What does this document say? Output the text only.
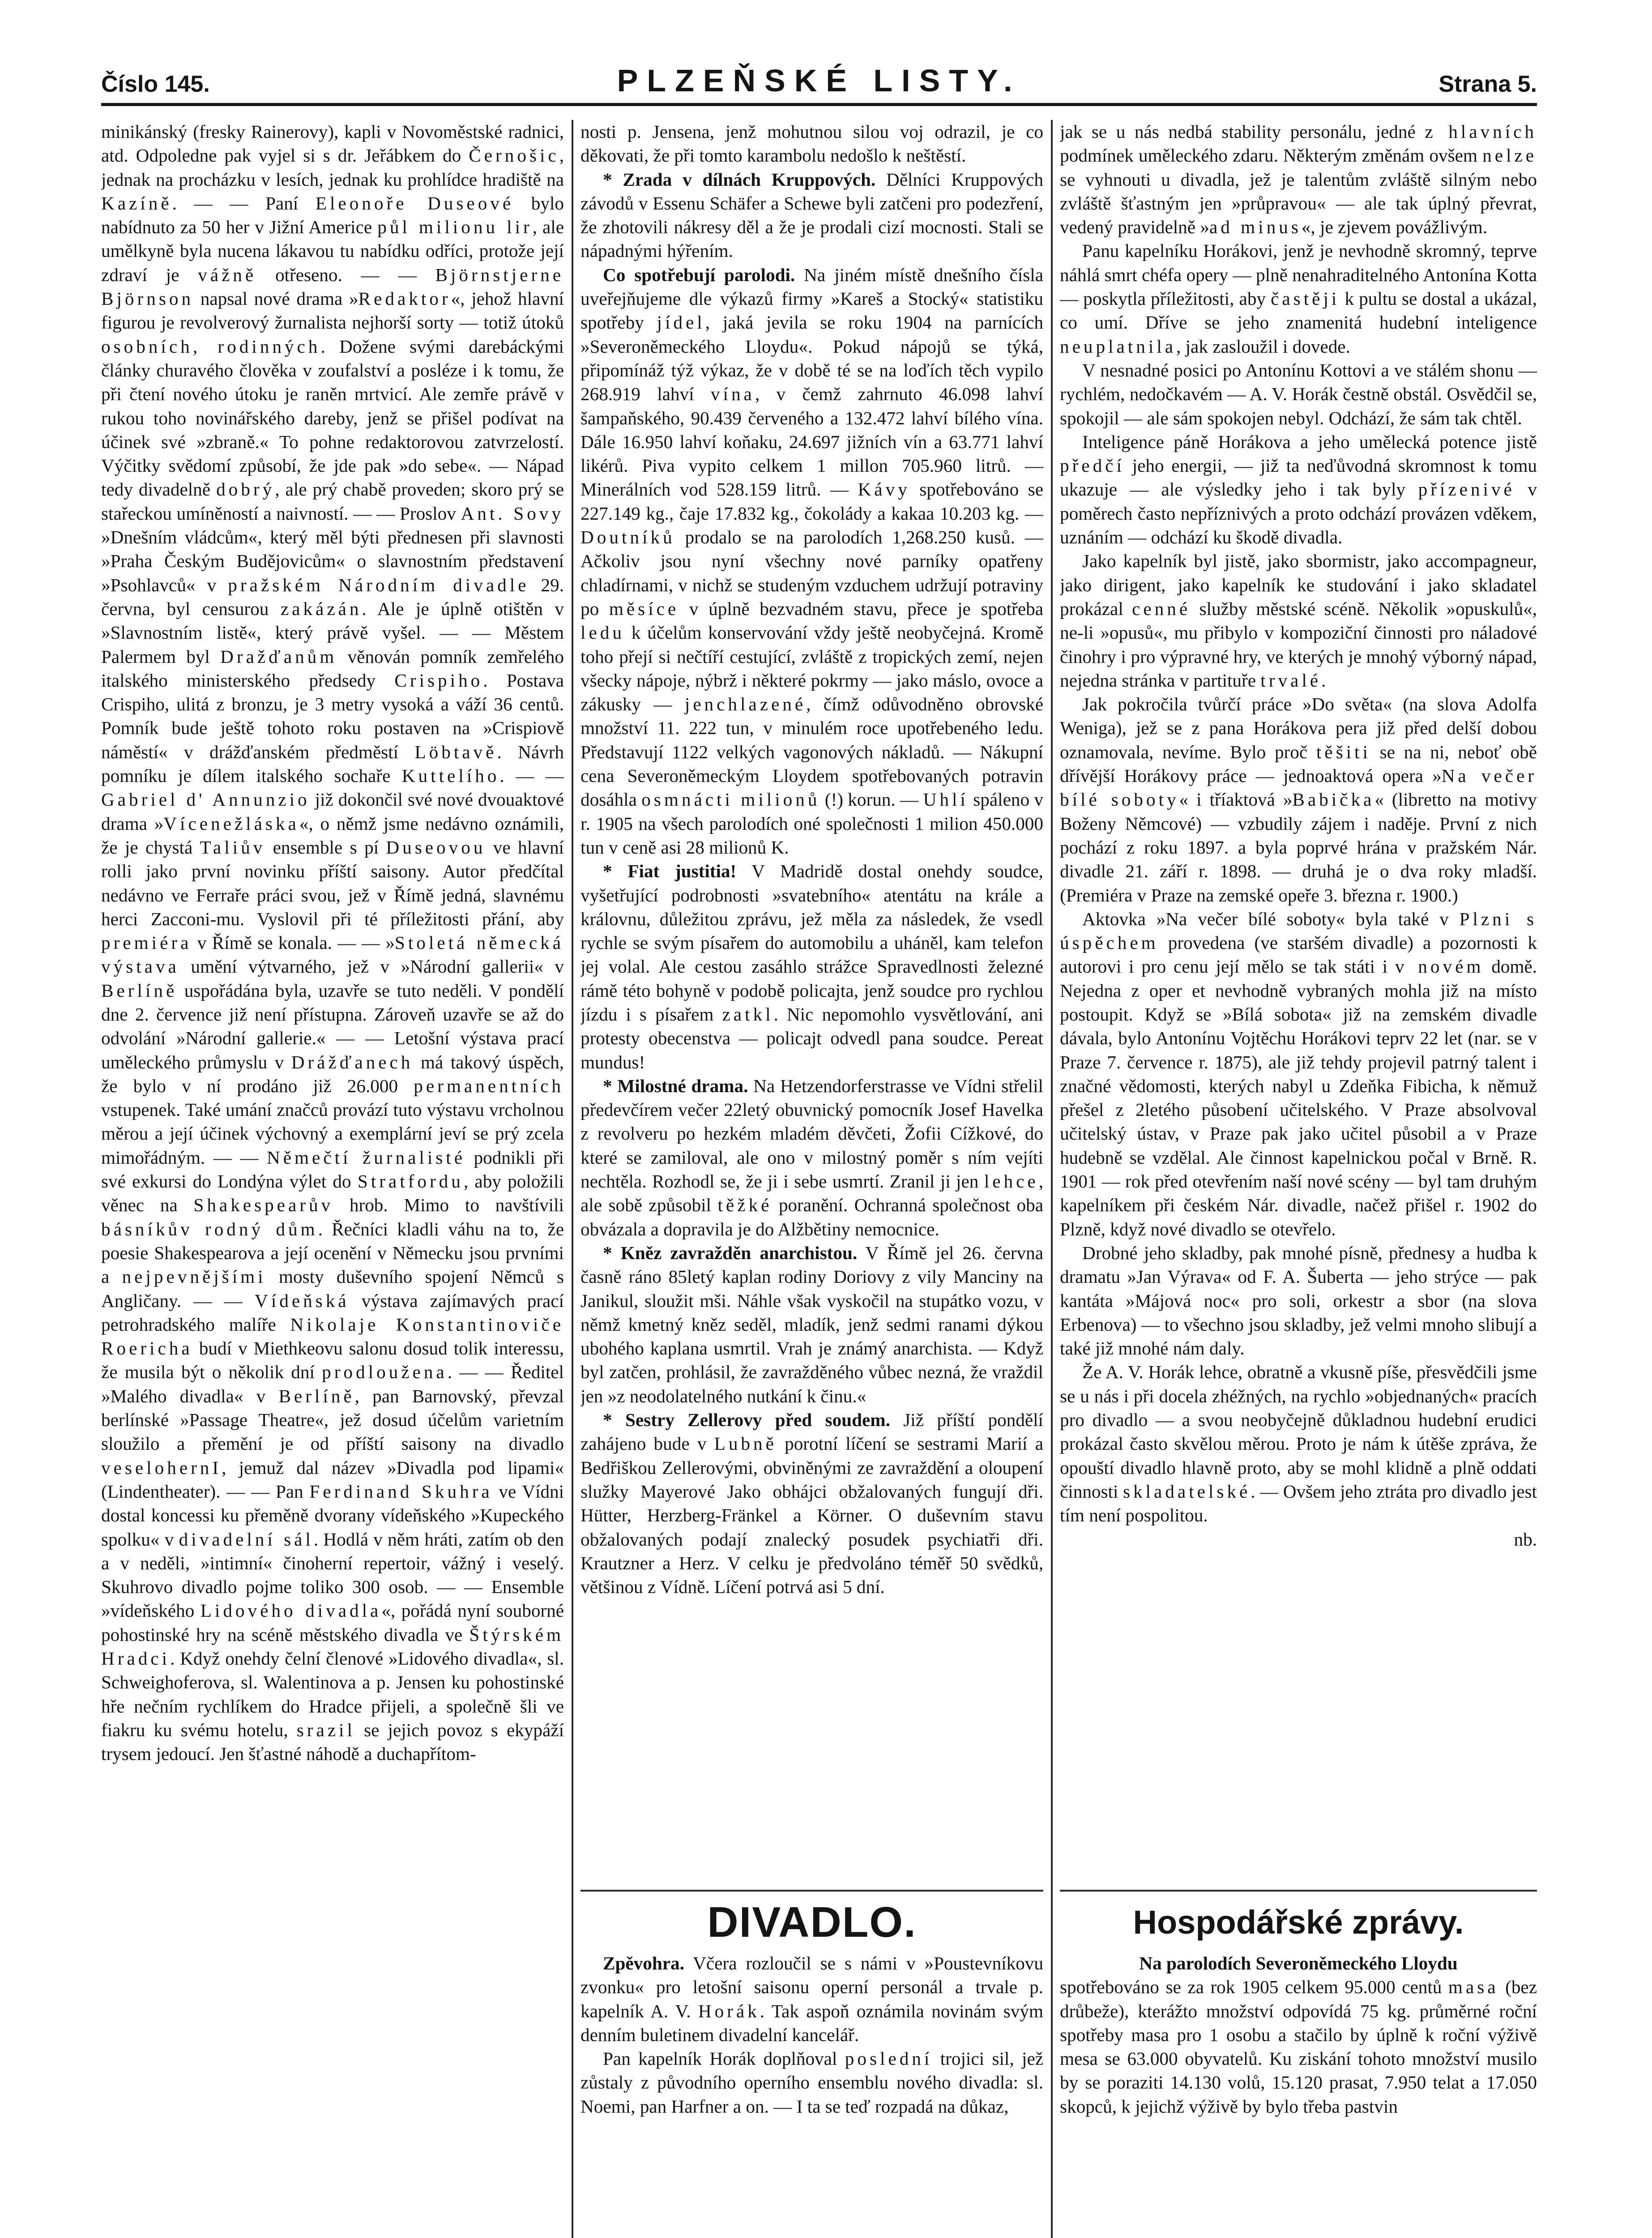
Číslo 145.	PLZEŇSKÉ LISTY.	Strana 5.

minikánský (fresky Rainerovy), kapli v Novoměstské radnici, atd. Odpoledne pak vyjel si s dr. Jeřábkem do Černošic, jednak na procházku v lesích, jednak ku prohlídce hradiště na Kazíně. — — Paní Eleonoře Duseové bylo nabídnuto za 50 her v Jižní Americe půl milionu lir, ale umělkyně byla nucena lákavou tu nabídku odříci, protože její zdraví je vážně otřeseno. — — Björnstjerne Björnson napsal nové drama »Redaktor«, jehož hlavní figurou je revolverový žurnalista nejhorší sorty — totiž útoků osobních, rodinných. Dožene svými darebáckými články churavého člověka v zoufalství a posléze i k tomu, že při čtení nového útoku je raněn mrtvicí. Ale zemře právě v rukou toho novinářského dareby, jenž se přišel podívat na účinek své »zbraně.« To pohne redaktorovou zatvrzelostí. Výčitky svědomí způsobí, že jde pak »do sebe«. — Nápad tedy divadelně dobrý, ale prý chabě proveden; skoro prý se stařeckou umíněností a naivností. — — Proslov Ant. Sovy »Dnešním vládcům«, který měl býti přednesen při slavnosti »Praha Českým Budějovicům« o slavnostním představení »Psohlavců« v pražském Národním divadle 29. června, byl censurou zakázán. Ale je úplně otištěn v »Slavnostním listě«, který právě vyšel. — — Městem Palermem byl Dražďanům věnován pomník zemřelého italského ministerského předsedy Crispiho. Postava Crispiho, ulitá z bronzu, je 3 metry vysoká a váží 36 centů. Pomník bude ještě tohoto roku postaven na »Crispiově náměstí« v drážďanském předměstí Löbtavě. Návrh pomníku je dílem italského sochaře Kuttelího. — — Gabriel d' Annunzio již dokončil své nové dvouaktové drama »Vícenežláska«, o němž jsme nedávno oznámili, že je chystá Taliův ensemble s pí Duseovou ve hlavní rolli jako první novinku příští saisony. Autor předčítal nedávno ve Ferraře práci svou, jež v Římě jedná, slavnému herci Zacconi-mu. Vyslovil při té příležitosti přání, aby premiéra v Římě se konala. — — »Stoletá německá výstava umění výtvarného, jež v »Národní gallerii« v Berlíně uspořádána byla, uzavře se tuto neděli. V pondělí dne 2. července již není přístupna. Zároveň uzavře se až do odvolání »Národní gallerie.« — — Letošní výstava prací uměleckého průmyslu v Drážďanech má takový úspěch, že bylo v ní prodáno již 26.000 permanentních vstupenek. Také umání značců provází tuto výstavu vrcholnou měrou a její účinek výchovný a exemplární jeví se prý zcela mimořádným. — — Němečtí žurnalisté podnikli při své exkursi do Londýna výlet do Stratfordu, aby položili věnec na Shakespearův hrob. Mimo to navštívili básníkův rodný dům. Řečníci kladli váhu na to, že poesie Shakespearova a její ocenění v Německu jsou prvními a nejpevnějšími mosty duševního spojení Němců s Angličany. — — Vídeňská výstava zajímavých prací petrohradského malíře Nikolaje Konstantinoviče Roericha budí v Miethkeovu salonu dosud tolik interessu, že musila být o několik dní prodloužena. — — Ředitel »Malého divadla« v Berlíně, pan Barnovský, převzal berlínské »Passage Theatre«, jež dosud účelům varietním sloužilo a přemění je od příští saisony na divadlo veselohernI, jemuž dal název »Divadla pod lipami« (Lindentheater). — — Pan Ferdinand Skuhra ve Vídni dostal koncessi ku přeměně dvorany vídeňského »Kupeckého spolku« v divadelní sál. Hodlá v něm hráti, zatím ob den a v neděli, »intimní« činoherní repertoir, vážný i veselý. Skuhrovo divadlo pojme toliko 300 osob. — — Ensemble »vídeňského Lidového divadla«, pořádá nyní souborné pohostinské hry na scéně městského divadla ve Štýrském Hradci. Když onehdy čelní členové »Lidového divadla«, sl. Schweighoferova, sl. Walentinova a p. Jensen ku pohostinské hře nečním rychlíkem do Hradce přijeli, a společně šli ve fiakru ku svému hotelu, srazil se jejich povoz s ekypáží trysem jedoucí. Jen šťastné náhodě a duchapřítom-

nosti p. Jensena, jenž mohutnou silou voj odrazil, je co děkovati, že při tomto karambolu nedošlo k neštěstí.

* Zrada v dílnách Kruppových. Dělníci Kruppových závodů v Essenu Schäfer a Schewe byli zatčeni pro podezření, že zhotovili nákresy děl a že je prodali cizí mocnosti. Stali se nápadnými hýřením.

Co spotřebují parolodi. Na jiném místě dnešního čísla uveřejňujeme dle výkazů firmy »Kareš a Stocký« statistiku spotřeby jídel, jaká jevila se roku 1904 na parnících »Severoněmeckého Lloydu«. Pokud nápojů se týká, připomínáž týž výkaz, že v době té se na loďích těch vypilo 268.919 lahví vína, v čemž zahrnuto 46.098 lahví šampaňského, 90.439 červeného a 132.472 lahví bílého vína. Dále 16.950 lahví koňaku, 24.697 jižních vín a 63.771 lahví likérů. Piva vypito celkem 1 millon 705.960 litrů. — Minerálních vod 528.159 litrů. — Kávy spotřebováno se 227.149 kg., čaje 17.832 kg., čokolády a kakaa 10.203 kg. — Doutníků prodalo se na parolodích 1,268.250 kusů. — Ačkoliv jsou nyní všechny nové parníky opatřeny chladírnami, v nichž se studeným vzduchem udržují potraviny po měsíce v úplně bezvadném stavu, přece je spotřeba ledu k účelům konservování vždy ještě neobyčejná. Kromě toho přejí si nečtíří cestující, zvláště z tropických zemí, nejen všecky nápoje, nýbrž i některé pokrmy — jako máslo, ovoce a zákusky — jenchlazené, čímž odůvodněno obrovské množství 11. 222 tun, v minulém roce upotřebeného ledu. Představují 1122 velkých vagonových nákladů. — Nákupní cena Severoněmeckým Lloydem spotřebovaných potravin dosáhla osmnácti milionů (!) korun. — Uhlí spáleno v r. 1905 na všech parolodích oné společnosti 1 milion 450.000 tun v ceně asi 28 milionů K.

* Fiat justitia! V Madridě dostal onehdy soudce, vyšetřující podrobnosti »svatebního« atentátu na krále a královnu, důležitou zprávu, jež měla za následek, že vsedl rychle se svým písařem do automobilu a uháněl, kam telefon jej volal. Ale cestou zasáhlo strážce Spravedlnosti železné rámě této bohyně v podobě policajta, jenž soudce pro rychlou jízdu i s písařem zatkl. Nic nepomohlo vysvětlování, ani protesty obecenstva — policajt odvedl pana soudce. Pereat mundus!

* Milostné drama. Na Hetzendorferstrasse ve Vídni střelil předevčírem večer 22letý obuvnický pomocník Josef Havelka z revolveru po hezkém mladém děvčeti, Žofii Cížkové, do které se zamiloval, ale ono v milostný poměr s ním vejíti nechtěla. Rozhodl se, že ji i sebe usmrtí. Zranil ji jen lehce, ale sobě způsobil těžké poranění. Ochranná společnost oba obvázala a dopravila je do Alžbětiny nemocnice.

* Kněz zavražděn anarchistou. V Římě jel 26. června časně ráno 85letý kaplan rodiny Doriovy z vily Manciny na Janikul, sloužit mši. Náhle však vyskočil na stupátko vozu, v němž kmetný kněz seděl, mladík, jenž sedmi ranami dýkou ubohého kaplana usmrtil. Vrah je známý anarchista. — Když byl zatčen, prohlásil, že zavražděného vůbec nezná, že vraždil jen »z neodolatelného nutkání k činu.«

* Sestry Zellerovy před soudem. Již příští pondělí zahájeno bude v Lubně porotní líčení se sestrami Marií a Bedřiškou Zellerovými, obviněnými ze zavraždění a oloupení služky Mayerové Jako obhájci obžalovaných fungují dři. Hütter, Herzberg-Fränkel a Körner. O duševním stavu obžalovaných podají znalecký posudek psychiatři dři. Krautzner a Herz. V celku je předvoláno téměř 50 svědků, většinou z Vídně. Líčení potrvá asi 5 dní.

jak se u nás nedbá stability personálu, jedné z hlavních podmínek uměleckého zdaru. Některým změnám ovšem nelze se vyhnouti u divadla, jež je talentům zvláště silným nebo zvláště šťastným jen »průpravou« — ale tak úplný převrat, vedený pravidelně »ad minus«, je zjevem povážlivým.

Panu kapelníku Horákovi, jenž je nevhodně skromný, teprve náhlá smrt chéfa opery — plně nenahraditelného Antonína Kotta — poskytla příležitosti, aby častěji k pultu se dostal a ukázal, co umí. Dříve se jeho znamenitá hudební inteligence neuplatnila, jak zasloužil i dovede.

V nesnadné posici po Antonínu Kottovi a ve stálém shonu — rychlém, nedočkavém — A. V. Horák čestně obstál. Osvědčil se, spokojil — ale sám spokojen nebyl. Odchází, že sám tak chtěl.

Inteligence páně Horákova a jeho umělecká potence jistě předčí jeho energii, — již ta neďůvodná skromnost k tomu ukazuje — ale výsledky jeho i tak byly přízenivé v poměrech často nepříznivých a proto odchází provázen vděkem, uznáním — odchází ku škodě divadla.

Jako kapelník byl jistě, jako sbormistr, jako accompagneur, jako dirigent, jako kapelník ke studování i jako skladatel prokázal cenné služby městské scéně. Několik »opuskulů«, ne-li »opusů«, mu přibylo v kompoziční činnosti pro náladové činohry i pro výpravné hry, ve kterých je mnohý výborný nápad, nejedna stránka v partituře trvalé.

Jak pokročila tvůrčí práce »Do světa« (na slova Adolfa Weniga), jež se z pana Horákova pera již před delší dobou oznamovala, nevíme. Bylo proč těšiti se na ni, neboť obě dřívější Horákovy práce — jednoaktová opera »Na večer bílé soboty« i tříaktová »Babička« (libretto na motivy Boženy Němcové) — vzbudily zájem i naděje. První z nich pochází z roku 1897. a byla poprvé hrána v pražském Nár. divadle 21. září r. 1898. — druhá je o dva roky mladší. (Premiéra v Praze na zemské opeře 3. března r. 1900.)

Aktovka »Na večer bílé soboty« byla také v Plzni s úspěchem provedena (ve staršém divadle) a pozornosti k autorovi i pro cenu její mělo se tak státi i v novém domě. Nejedna z oper et nevhodně vybraných mohla již na místo postoupit. Když se »Bílá sobota« již na zemském divadle dávala, bylo Antonínu Vojtěchu Horákovi teprv 22 let (nar. se v Praze 7. července r. 1875), ale již tehdy projevil patrný talent i značné vědomosti, kterých nabyl u Zdeňka Fibicha, k němuž přešel z 2letého působení učitelského. V Praze absolvoval učitelský ústav, v Praze pak jako učitel působil a v Praze hudebně se vzdělal. Ale činnost kapelnickou počal v Brně. R. 1901 — rok před otevřením naší nové scény — byl tam druhým kapelníkem při českém Nár. divadle, načež přišel r. 1902 do Plzně, když nové divadlo se otevřelo.

Drobné jeho skladby, pak mnohé písně, přednesy a hudba k dramatu »Jan Výrava« od F. A. Šuberta — jeho strýce — pak kantáta »Májová noc« pro soli, orkestr a sbor (na slova Erbenova) — to všechno jsou skladby, jež velmi mnoho slibují a také již mnohé nám daly.

Že A. V. Horák lehce, obratně a vkusně píše, přesvědčili jsme se u nás i při docela zhéžných, na rychlo »objednaných« pracích pro divadlo — a svou neobyčejně důkladnou hudební erudici prokázal často skvělou měrou. Proto je nám k útěše zpráva, že opouští divadlo hlavně proto, aby se mohl klidně a plně oddati činnosti skladatelské. — Ovšem jeho ztráta pro divadlo jest tím není pospolitou.

nb.

DIVADLO.

Zpěvohra. Včera rozloučil se s námi v »Poustevníkovu zvonku« pro letošní saisonu operní personál a trvale p. kapelník A. V. Horák. Tak aspoň oznámila novinám svým denním buletinem divadelní kancelář.

Pan kapelník Horák doplňoval poslední trojici sil, jež zůstaly z původního operního ensemblu nového divadla: sl. Noemi, pan Harfner a on. — I ta se teď rozpadá na důkaz,

Hospodářské zprávy.

Na parolodích Severoněmeckého Lloydu

spotřebováno se za rok 1905 celkem 95.000 centů masa (bez drůbeže), kterážto množství odpovídá 75 kg. průměrné roční spotřeby masa pro 1 osobu a stačilo by úplně k roční výživě mesa se 63.000 obyvatelů. Ku ziskání tohoto množství musilo by se poraziti 14.130 volů, 15.120 prasat, 7.950 telat a 17.050 skopců, k jejichž výživě by bylo třeba pastvin
